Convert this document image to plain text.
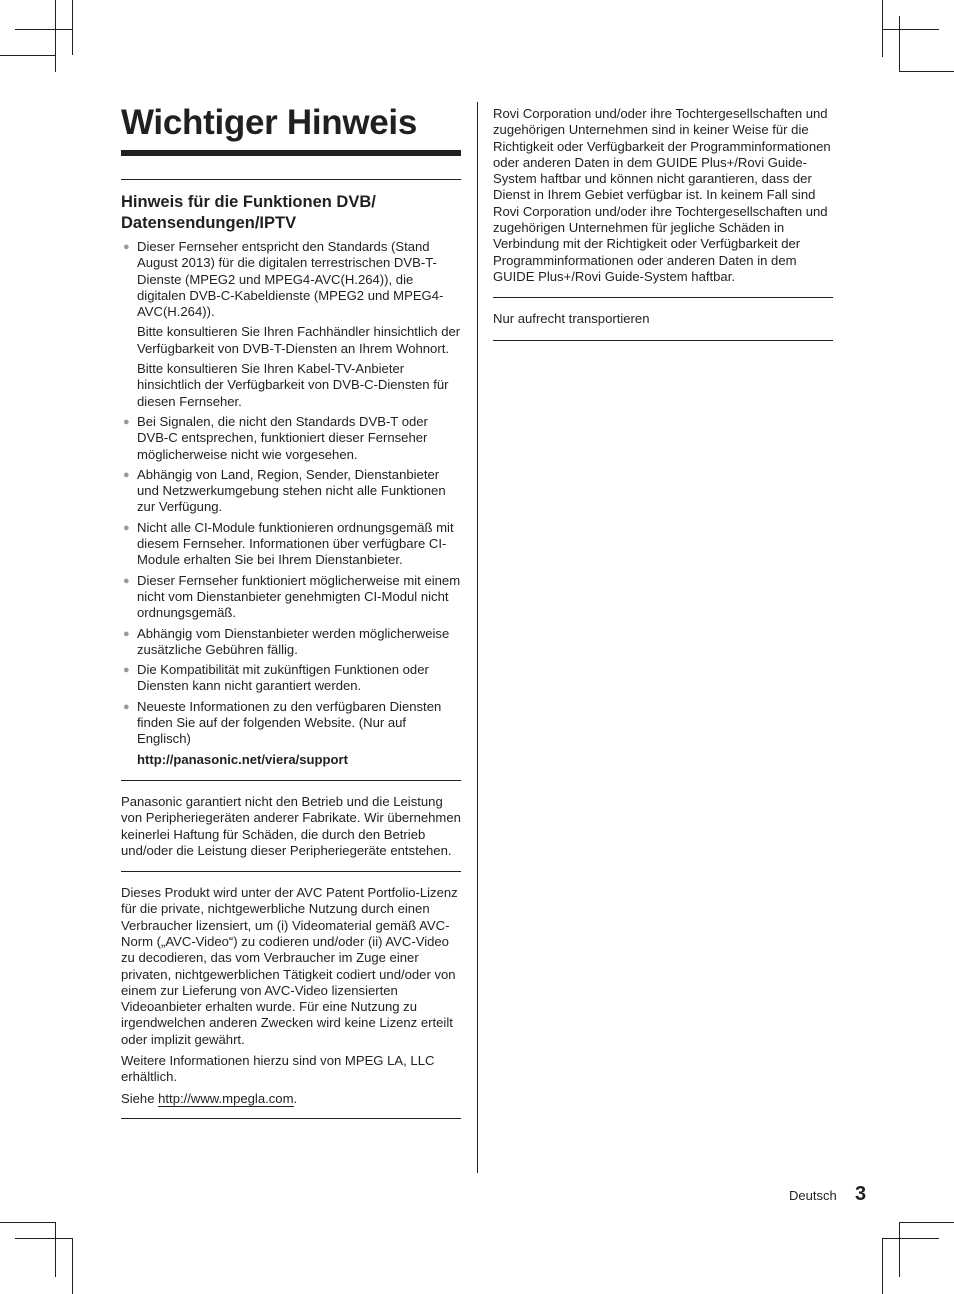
Wichtiger Hinweis
Hinweis für die Funktionen DVB/ Datensendungen/IPTV
● Dieser Fernseher entspricht den Standards (Stand August 2013) für die digitalen terrestrischen DVB-T-Dienste (MPEG2 und MPEG4-AVC(H.264)), die digitalen DVB-C-Kabeldienste (MPEG2 und MPEG4-AVC(H.264)).

Bitte konsultieren Sie Ihren Fachhändler hinsichtlich der Verfügbarkeit von DVB-T-Diensten an Ihrem Wohnort.

Bitte konsultieren Sie Ihren Kabel-TV-Anbieter hinsichtlich der Verfügbarkeit von DVB-C-Diensten für diesen Fernseher.

● Bei Signalen, die nicht den Standards DVB-T oder DVB-C entsprechen, funktioniert dieser Fernseher möglicherweise nicht wie vorgesehen.
● Abhängig von Land, Region, Sender, Dienstanbieter und Netzwerkumgebung stehen nicht alle Funktionen zur Verfügung.
● Nicht alle CI-Module funktionieren ordnungsgemäß mit diesem Fernseher. Informationen über verfügbare CI-Module erhalten Sie bei Ihrem Dienstanbieter.
● Dieser Fernseher funktioniert möglicherweise mit einem nicht vom Dienstanbieter genehmigten CI-Modul nicht ordnungsgemäß.
● Abhängig vom Dienstanbieter werden möglicherweise zusätzliche Gebühren fällig.
● Die Kompatibilität mit zukünftigen Funktionen oder Diensten kann nicht garantiert werden.
● Neueste Informationen zu den verfügbaren Diensten finden Sie auf der folgenden Website. (Nur auf Englisch)

http://panasonic.net/viera/support

Panasonic garantiert nicht den Betrieb und die Leistung von Peripheriegeräten anderer Fabrikate. Wir übernehmen keinerlei Haftung für Schäden, die durch den Betrieb und/oder die Leistung dieser Peripheriegeräte entstehen.

Dieses Produkt wird unter der AVC Patent Portfolio-Lizenz für die private, nichtgewerbliche Nutzung durch einen Verbraucher lizensiert, um (i) Videomaterial gemäß AVC-Norm („AVC-Video“) zu codieren und/oder (ii) AVC-Video zu decodieren, das vom Verbraucher im Zuge einer privaten, nichtgewerblichen Tätigkeit codiert und/oder von einem zur Lieferung von AVC-Video lizensierten Videoanbieter erhalten wurde. Für eine Nutzung zu irgendwelchen anderen Zwecken wird keine Lizenz erteilt oder implizit gewährt.

Weitere Informationen hierzu sind von MPEG LA, LLC erhältlich.

Siehe http://www.mpegla.com.

Rovi Corporation und/oder ihre Tochtergesellschaften und zugehörigen Unternehmen sind in keiner Weise für die Richtigkeit oder Verfügbarkeit der Programminformationen oder anderen Daten in dem GUIDE Plus+/Rovi Guide-System haftbar und können nicht garantieren, dass der Dienst in Ihrem Gebiet verfügbar ist. In keinem Fall sind Rovi Corporation und/oder ihre Tochtergesellschaften und zugehörigen Unternehmen für jegliche Schäden in Verbindung mit der Richtigkeit oder Verfügbarkeit der Programminformationen oder anderen Daten in dem GUIDE Plus+/Rovi Guide-System haftbar.

Nur aufrecht transportieren

Deutsch 3
